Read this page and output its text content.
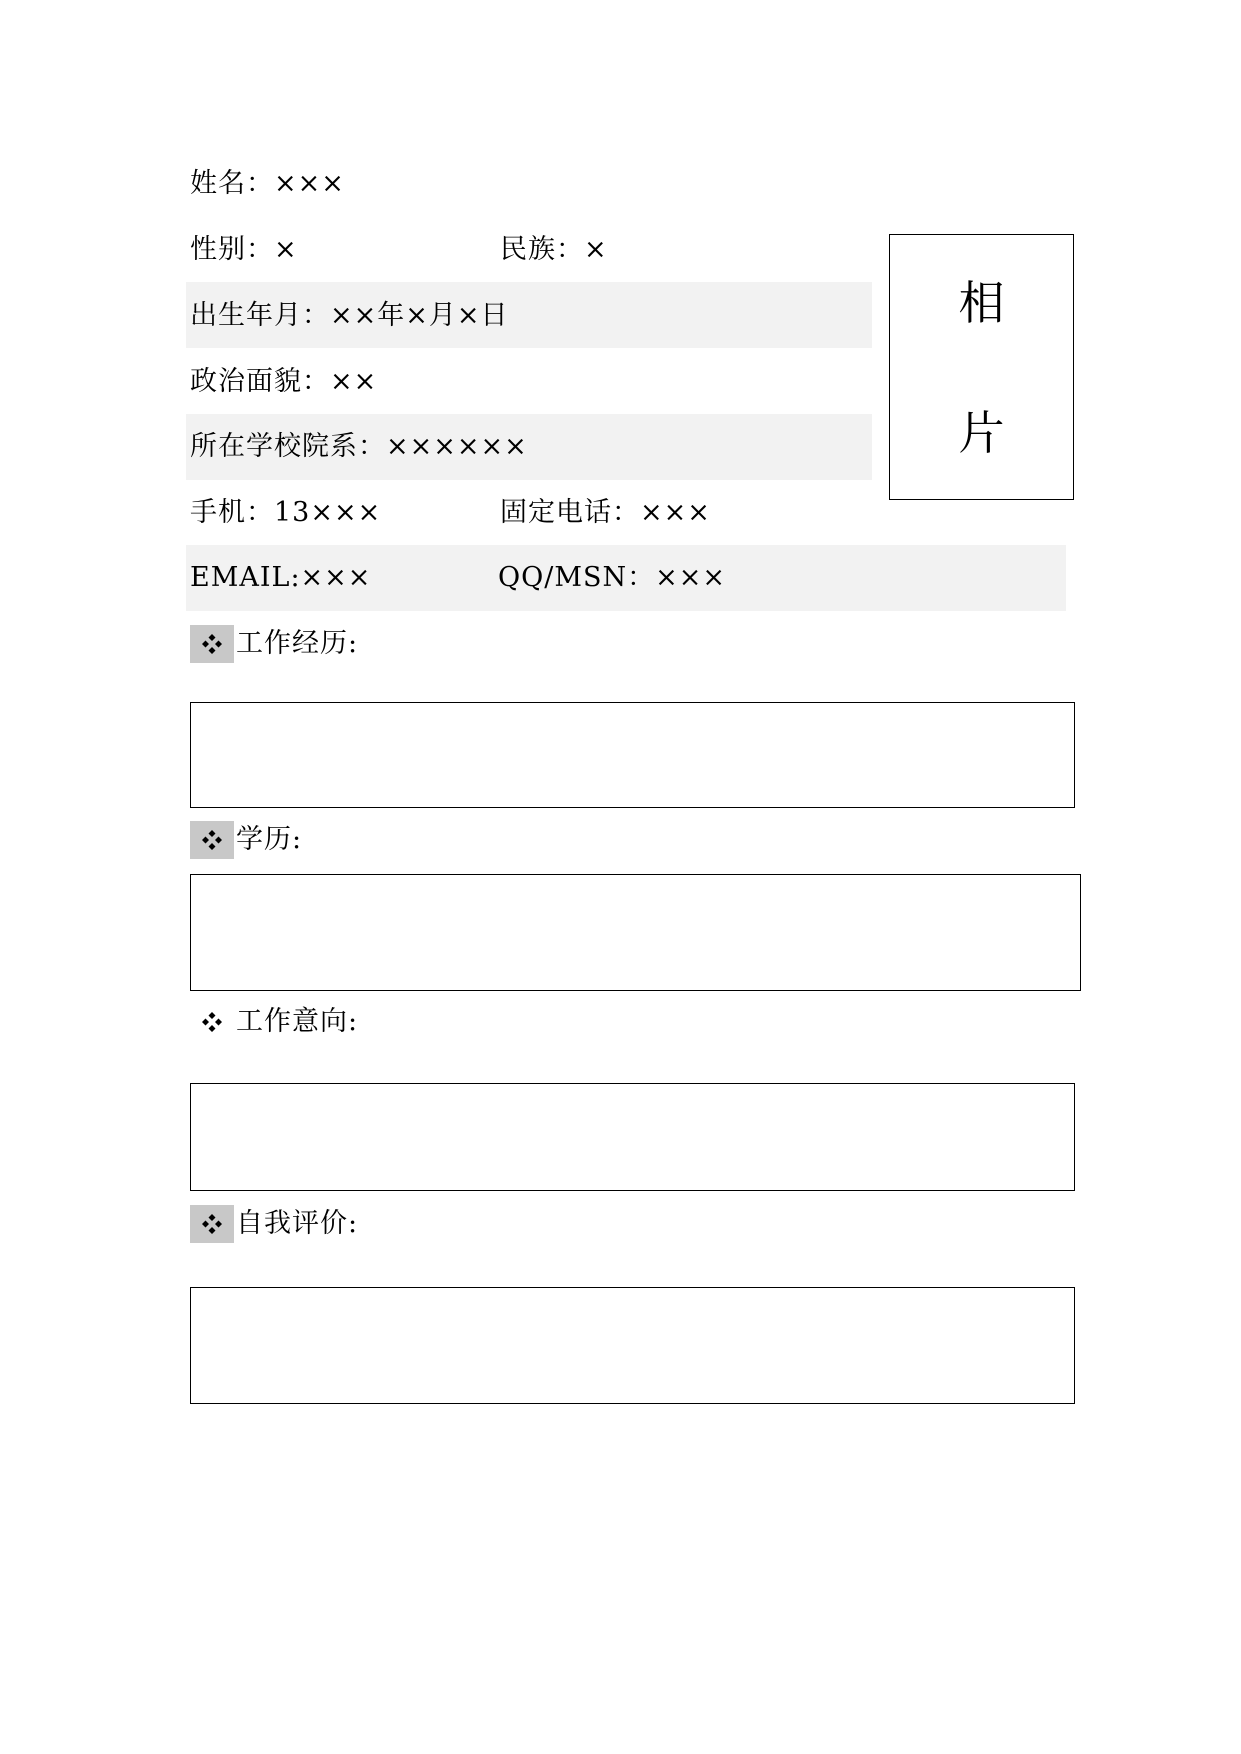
姓名：×××
性别：×	民族：×
出生年月：××年×月×日
政治面貌：××
所在学校院系：××××××
手机：13×××	固定电话：×××
EMAIL:×××	QQ/MSN：×××
相
片
工作经历:
学历:
工作意向:
自我评价:
